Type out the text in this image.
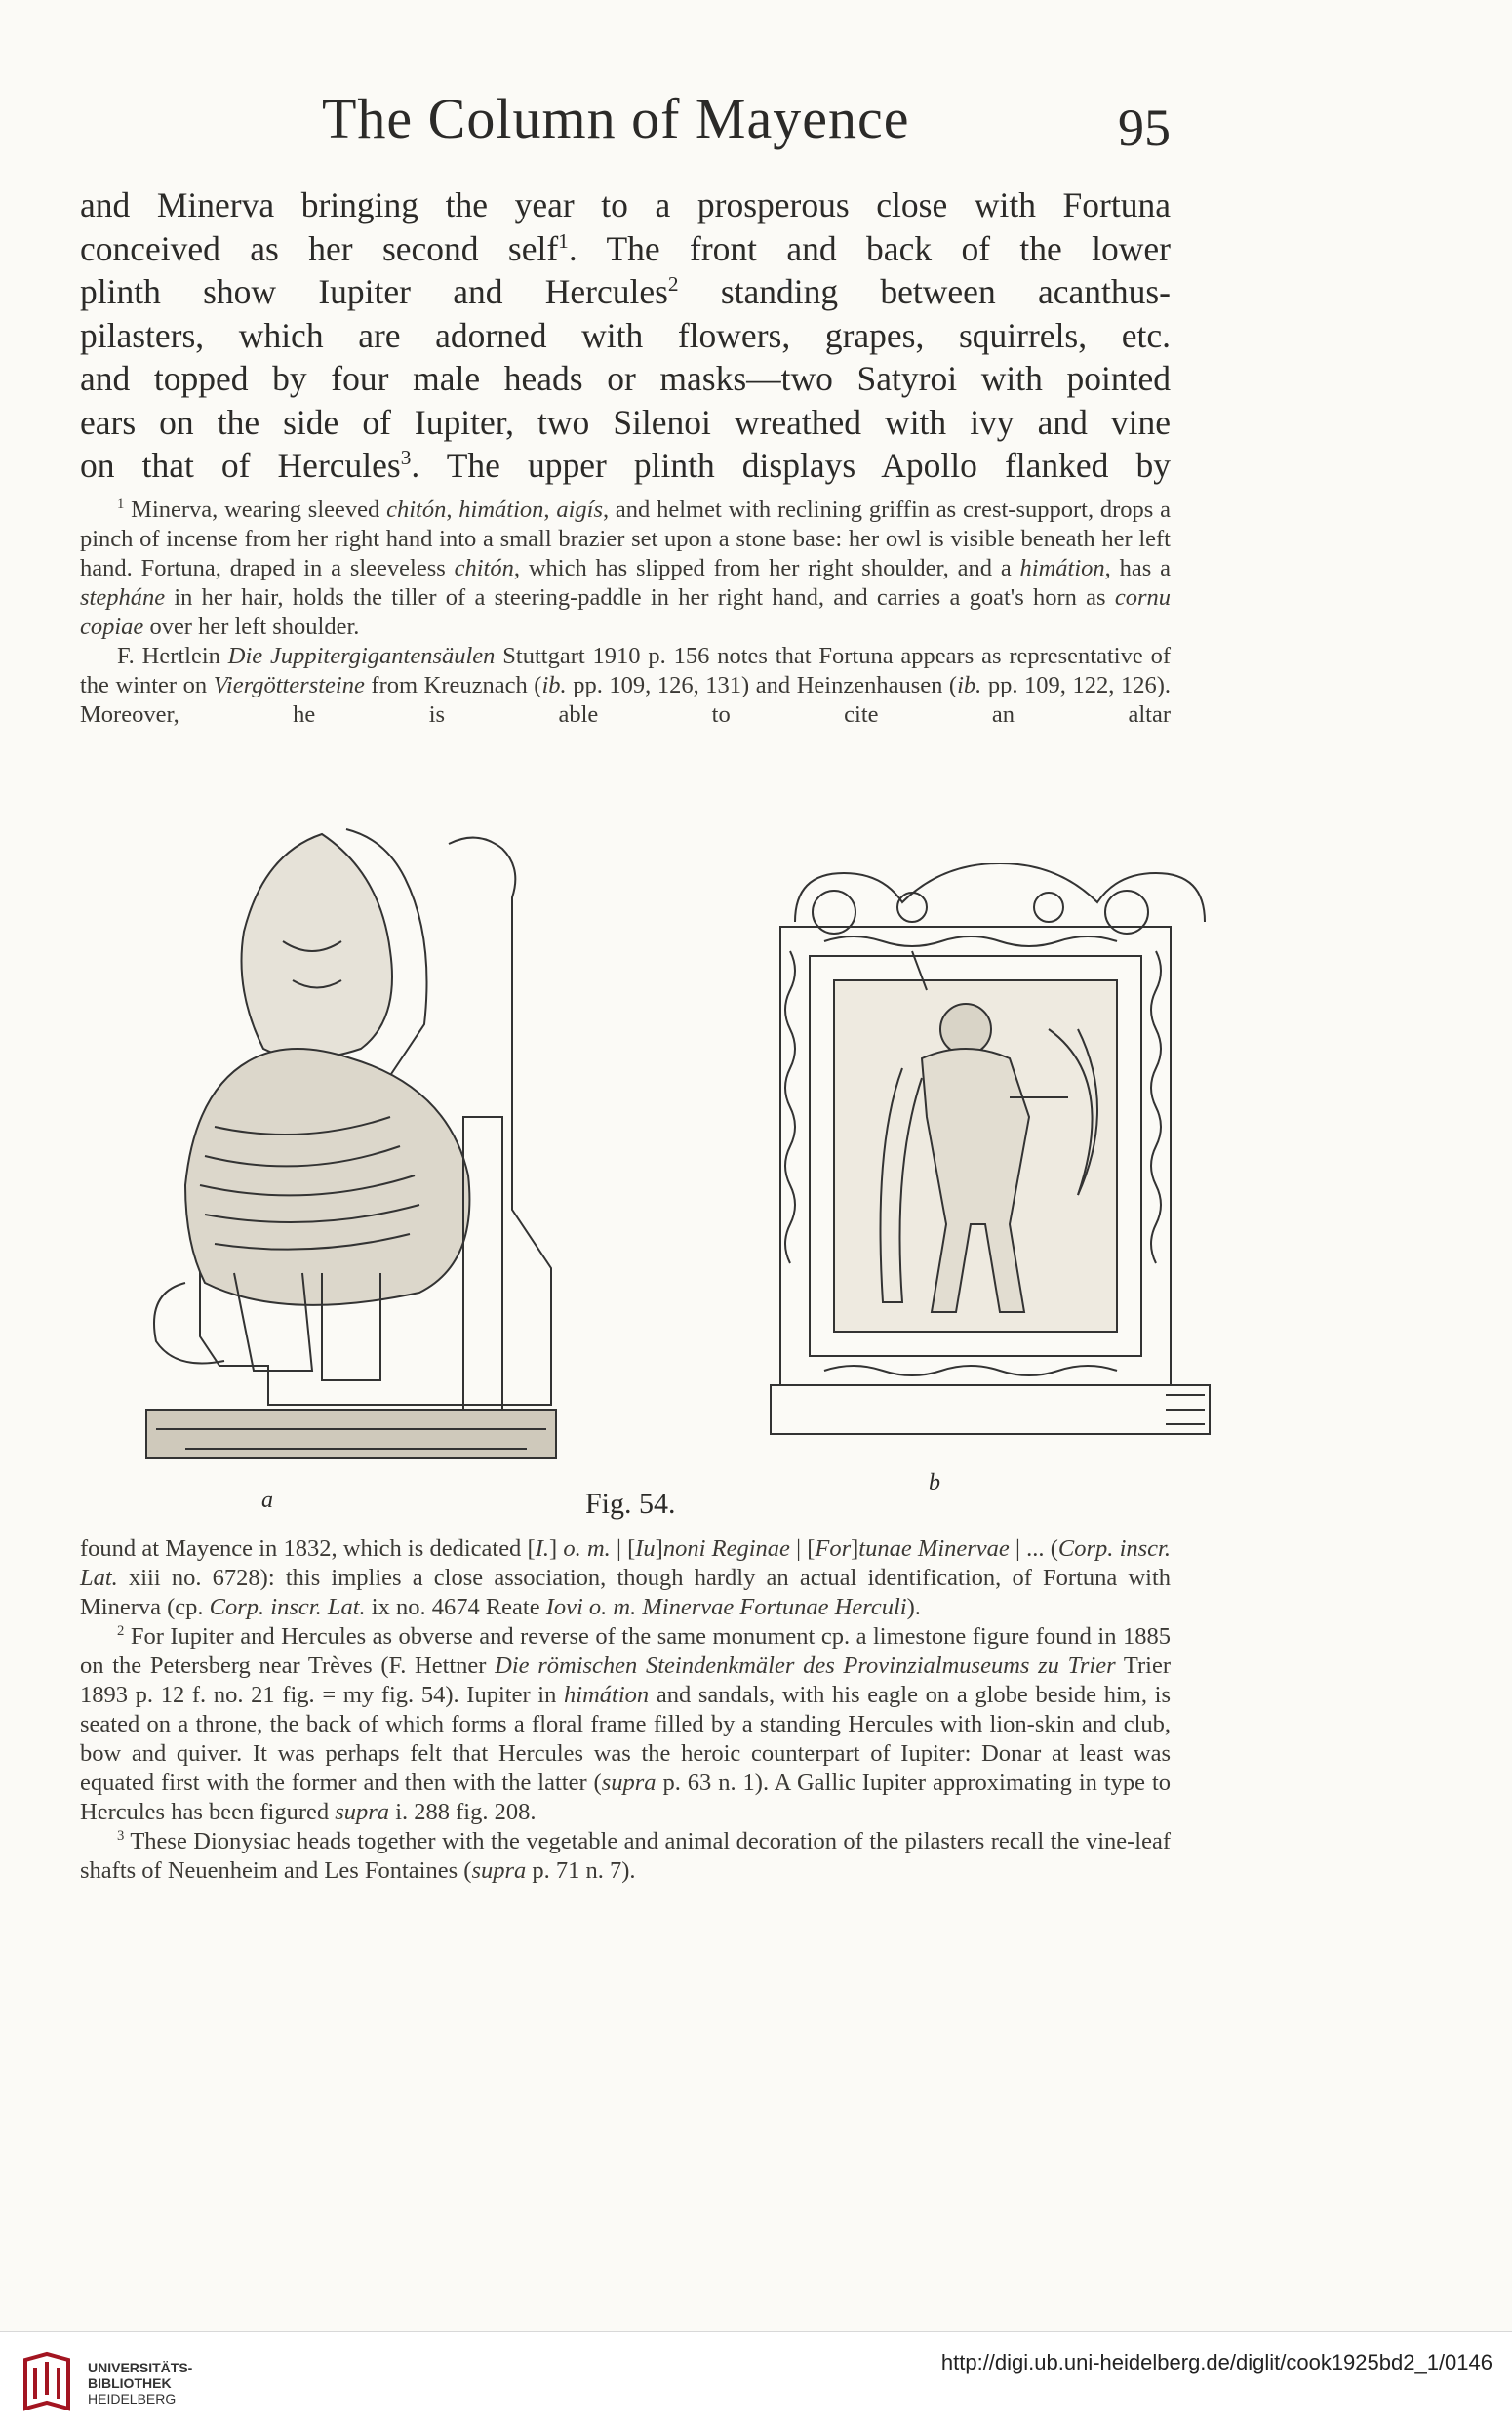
The Column of Mayence	95

and Minerva bringing the year to a prosperous close with Fortuna

conceived as her second self$^1$. The front and back of the lower

plinth show Iupiter and Hercules$^2$ standing between acanthus-

pilasters, which are adorned with flowers, grapes, squirrels, etc.

and topped by four male heads or masks—two Satyroi with pointed

ears on the side of Iupiter, two Silenoi wreathed with ivy and vine

on that of Hercules$^3$. The upper plinth displays Apollo flanked by

$^1$ Minerva, wearing sleeved chitón, himátion, aigís, and helmet with reclining griffin as crest-support, drops a pinch of incense from her right hand into a small brazier set upon a stone base: her owl is visible beneath her left hand. Fortuna, draped in a sleeveless chitón, which has slipped from her right shoulder, and a himátion, has a stepháne in her hair, holds the tiller of a steering-paddle in her right hand, and carries a goat's horn as cornu copiae over her left shoulder.

F. Hertlein Die Juppitergigantensäulen Stuttgart 1910 p. 156 notes that Fortuna appears as representative of the winter on Viergöttersteine from Kreuznach (ib. pp. 109, 126, 131) and Heinzenhausen (ib. pp. 109, 122, 126). Moreover, he is able to cite an altar

a
b
Fig. 54.

found at Mayence in 1832, which is dedicated [I.] o. m. | [Iu]noni Reginae | [For]tunae Minervae | ... (Corp. inscr. Lat. xiii no. 6728): this implies a close association, though hardly an actual identification, of Fortuna with Minerva (cp. Corp. inscr. Lat. ix no. 4674 Reate Iovi o. m. Minervae Fortunae Herculi).

$^2$ For Iupiter and Hercules as obverse and reverse of the same monument cp. a limestone figure found in 1885 on the Petersberg near Trèves (F. Hettner Die römischen Steindenkmäler des Provinzialmuseums zu Trier Trier 1893 p. 12 f. no. 21 fig. = my fig. 54). Iupiter in himátion and sandals, with his eagle on a globe beside him, is seated on a throne, the back of which forms a floral frame filled by a standing Hercules with lion-skin and club, bow and quiver. It was perhaps felt that Hercules was the heroic counterpart of Iupiter: Donar at least was equated first with the former and then with the latter (supra p. 63 n. 1). A Gallic Iupiter approximating in type to Hercules has been figured supra i. 288 fig. 208.

$^3$ These Dionysiac heads together with the vegetable and animal decoration of the pilasters recall the vine-leaf shafts of Neuenheim and Les Fontaines (supra p. 71 n. 7).

UNIVERSITÄTS-
BIBLIOTHEK
HEIDELBERG
http://digi.ub.uni-heidelberg.de/diglit/cook1925bd2_1/0146
